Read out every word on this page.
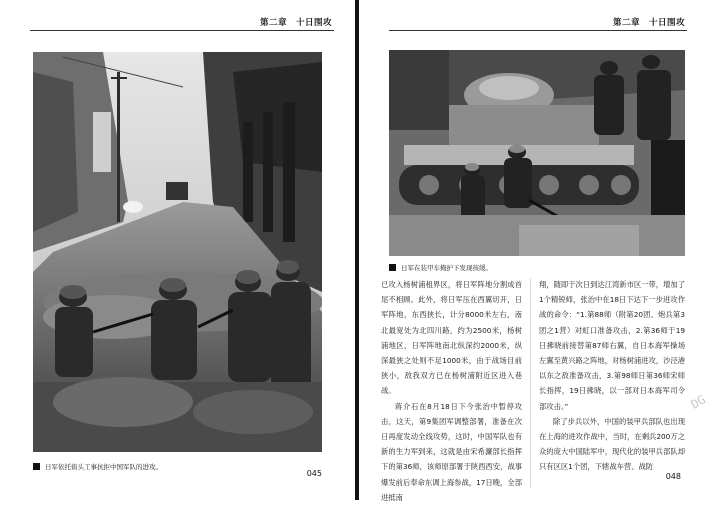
第二章　十日围攻
日军依托街头工事抗拒中国军队的进攻。
045
第二章　十日围攻
日军在装甲车掩护下发现孩缓。

已攻入杨树浦租界区，将日军阵地分割成首尾不相顾。此外，将日军压在西翼切开，日军阵地，东西狭长，计分8000米左右，南北最宽处为北四川路，约为2500米，杨树浦地区，日军阵地南北纵深约2000米，纵深最狭之处则不足1000米，由于战场目前狭小，敌我双方已在杨树浦附近区进入巷战。

蒋介石在8月18日下今张治中暂停攻击，这天，第9集团军调整部署，准备在次日再度发动全线攻势，这时，中国军队也有新的生力军到来，这就是由宋希濂部长指挥下的第36师，该师原部署于陕西西安，战事爆发前后奉命东调上海参战，17日晚，全部进抵南

翔，随即于次日到达江湾新市区一带，增加了1个精锐师，张治中在18日下达下一步进攻作战的命令：“1.第88师（附第20团、炮兵第3团之1营）对虹口准备攻击，2.第36师于19日拂晓前接替第87师右翼，自日本海军操场左翼至黄兴路之阵地，对杨树浦进攻，沙泾港以东之敌准备攻击，3.第98师日第36师宋师长指挥，19日拂晓，以一部对日本海军司令部攻击。”

除了步兵以外，中国的装甲兵部队也出现在上海的进攻作战中，当时，在剩兵200万之众的庞大中国陆军中，现代化的装甲兵部队却只有区区1个团，下辖战车营、战防

DG
048
